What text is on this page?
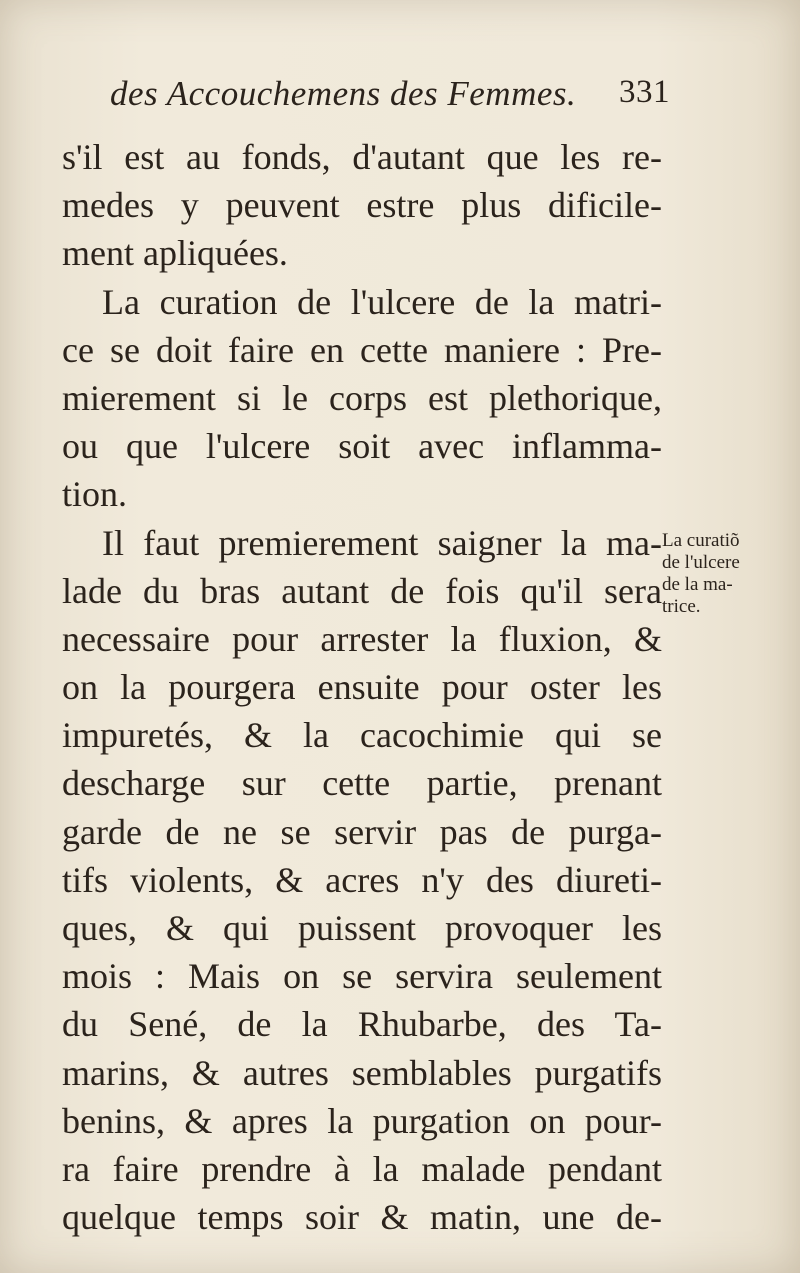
des Accouchemens des Femmes. 331
s'il est au fonds, d'autant que les re-
medes y peuvent estre plus dificile-
ment apliquées.
La curation de l'ulcere de la matri-
ce se doit faire en cette maniere : Pre-
mierement si le corps est plethorique,
ou que l'ulcere soit avec inflamma-
tion.
Il faut premierement saigner la ma-
lade du bras autant de fois qu'il sera
necessaire pour arrester la fluxion, &
on la pourgera ensuite pour oster les
impuretés, & la cacochimie qui se
descharge sur cette partie, prenant
garde de ne se servir pas de purga-
tifs violents, & acres n'y des diureti-
ques, & qui puissent provoquer les
mois : Mais on se servira seulement
du Sené, de la Rhubarbe, des Ta-
marins, & autres semblables purgatifs
benins, & apres la purgation on pour-
ra faire prendre à la malade pendant
quelque temps soir & matin, une de-
La curatiõ
de l'ulcere
de la ma-
trice.
